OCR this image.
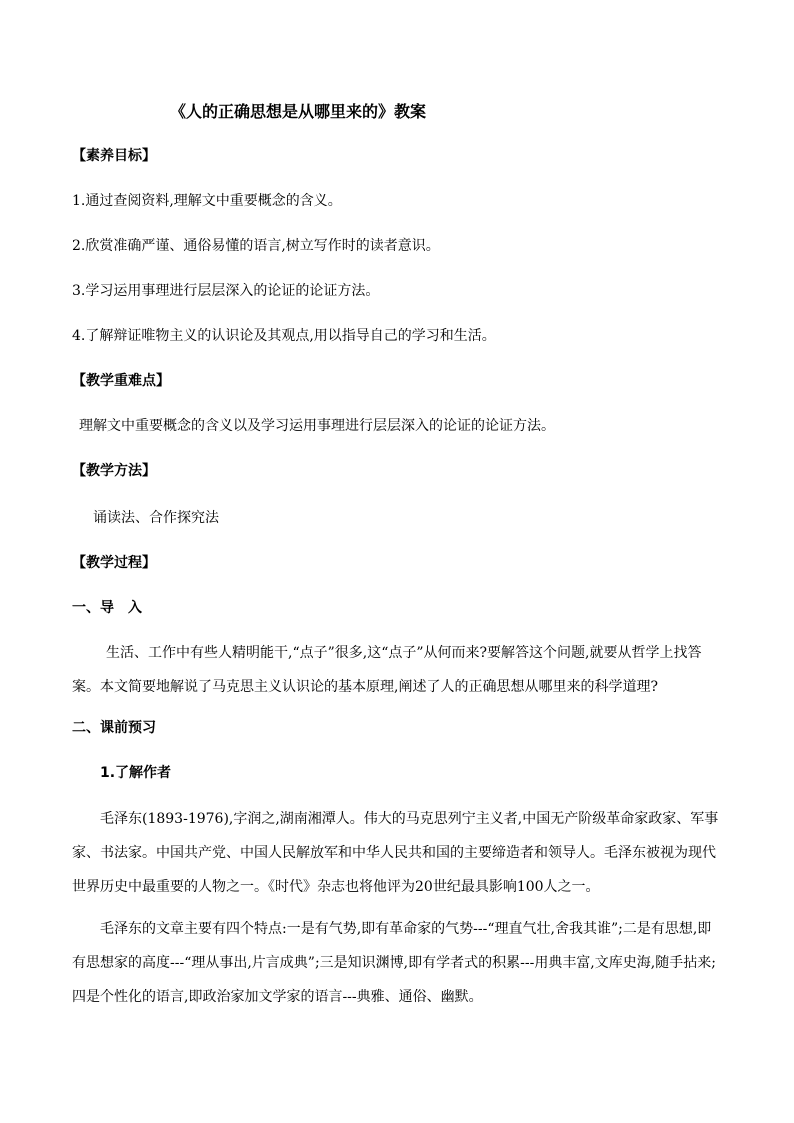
《人的正确思想是从哪里来的》教案
【素养目标】
1.通过查阅资料,理解文中重要概念的含义。
2.欣赏准确严谨、通俗易懂的语言,树立写作时的读者意识。
3.学习运用事理进行层层深入的论证的论证方法。
4.了解辩证唯物主义的认识论及其观点,用以指导自己的学习和生活。
【教学重难点】
理解文中重要概念的含义以及学习运用事理进行层层深入的论证的论证方法。
【教学方法】
诵读法、合作探究法
【教学过程】
一、导　入
生活、工作中有些人精明能干,“点子”很多,这“点子”从何而来?要解答这个问题,就要从哲学上找答案。本文简要地解说了马克思主义认识论的基本原理,阐述了人的正确思想从哪里来的科学道理?
二、课前预习
1.了解作者
毛泽东(1893-1976),字润之,湖南湘潭人。伟大的马克思列宁主义者,中国无产阶级革命家政家、军事家、书法家。中国共产党、中国人民解放军和中华人民共和国的主要缔造者和领导人。毛泽东被视为现代世界历史中最重要的人物之一。《时代》杂志也将他评为20世纪最具影响100人之一。
毛泽东的文章主要有四个特点:一是有气势,即有革命家的气势---“理直气壮,舍我其谁”;二是有思想,即有思想家的高度---“理从事出,片言成典”;三是知识渊博,即有学者式的积累---用典丰富,文库史海,随手拈来;四是个性化的语言,即政治家加文学家的语言---典雅、通俗、幽默。
